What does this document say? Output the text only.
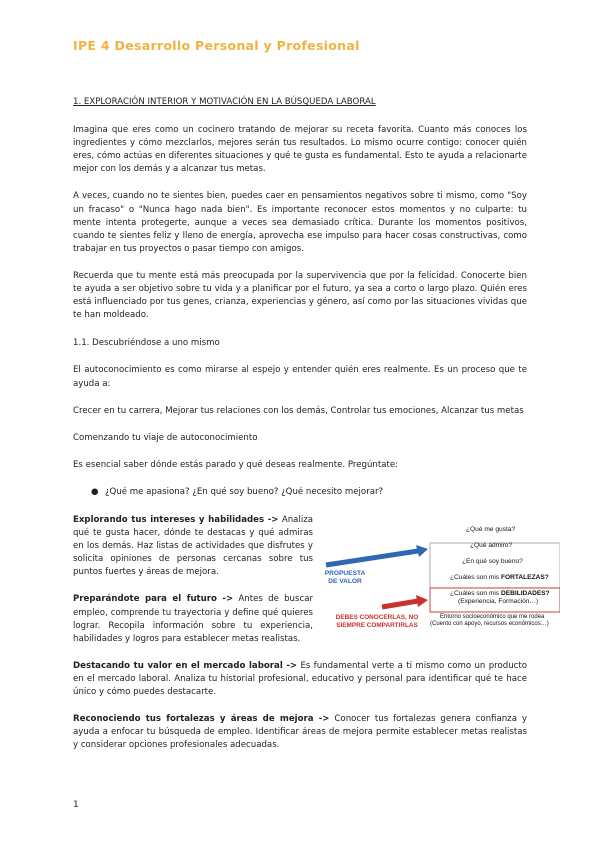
IPE 4 Desarrollo Personal y Profesional

1. EXPLORACIÓN INTERIOR Y MOTIVACIÓN EN LA BÚSQUEDA LABORAL

Imagina que eres como un cocinero tratando de mejorar su receta favorita. Cuanto más conoces los ingredientes y cómo mezclarlos, mejores serán tus resultados. Lo mismo ocurre contigo: conocer quién eres, cómo actúas en diferentes situaciones y qué te gusta es fundamental. Esto te ayuda a relacionarte mejor con los demás y a alcanzar tus metas.

A veces, cuando no te sientes bien, puedes caer en pensamientos negativos sobre ti mismo, como "Soy un fracaso" o "Nunca hago nada bien". Es importante reconocer estos momentos y no culparte: tu mente intenta protegerte, aunque a veces sea demasiado crítica. Durante los momentos positivos, cuando te sientes feliz y lleno de energía, aprovecha ese impulso para hacer cosas constructivas, como trabajar en tus proyectos o pasar tiempo con amigos.

Recuerda que tu mente está más preocupada por la supervivencia que por la felicidad. Conocerte bien te ayuda a ser objetivo sobre tu vida y a planificar por el futuro, ya sea a corto o largo plazo. Quién eres está influenciado por tus genes, crianza, experiencias y género, así como por las situaciones vividas que te han moldeado.

1.1. Descubriéndose a uno mismo

El autoconocimiento es como mirarse al espejo y entender quién eres realmente. Es un proceso que te ayuda a:

Crecer en tu carrera, Mejorar tus relaciones con los demás, Controlar tus emociones, Alcanzar tus metas

Comenzando tu viaje de autoconocimiento

Es esencial saber dónde estás parado y qué deseas realmente. Pregúntate:

● ¿Qué me apasiona? ¿En qué soy bueno? ¿Qué necesito mejorar?

Explorando tus intereses y habilidades -> Analiza qué te gusta hacer, dónde te destacas y qué admiras en los demás. Haz listas de actividades que disfrutes y solicita opiniones de personas cercanas sobre tus puntos fuertes y áreas de mejora.

Preparándote para el futuro -> Antes de buscar empleo, comprende tu trayectoria y define qué quieres lograr. Recopila información sobre tu experiencia, habilidades y logros para establecer metas realistas.

Destacando tu valor en el mercado laboral -> Es fundamental verte a ti mismo como un producto en el mercado laboral. Analiza tu historial profesional, educativo y personal para identificar qué te hace único y cómo puedes destacarte.

Reconociendo tus fortalezas y áreas de mejora -> Conocer tus fortalezas genera confianza y ayuda a enfocar tu búsqueda de empleo. Identificar áreas de mejora permite establecer metas realistas y considerar opciones profesionales adecuadas.

PROPUESTA DE VALOR
DEBES CONOCERLAS, NO SIEMPRE COMPARTIRLAS
¿Qué me gusta?
¿Qué admiro?
¿En qué soy bueno?
¿Cuáles son mis FORTALEZAS?
¿Cuáles son mis DEBILIDADES?
(Experiencia, Formación…)
Entorno socioeconómico que me rodea
(Cuento con apoyo, recursos económicos…)
1
